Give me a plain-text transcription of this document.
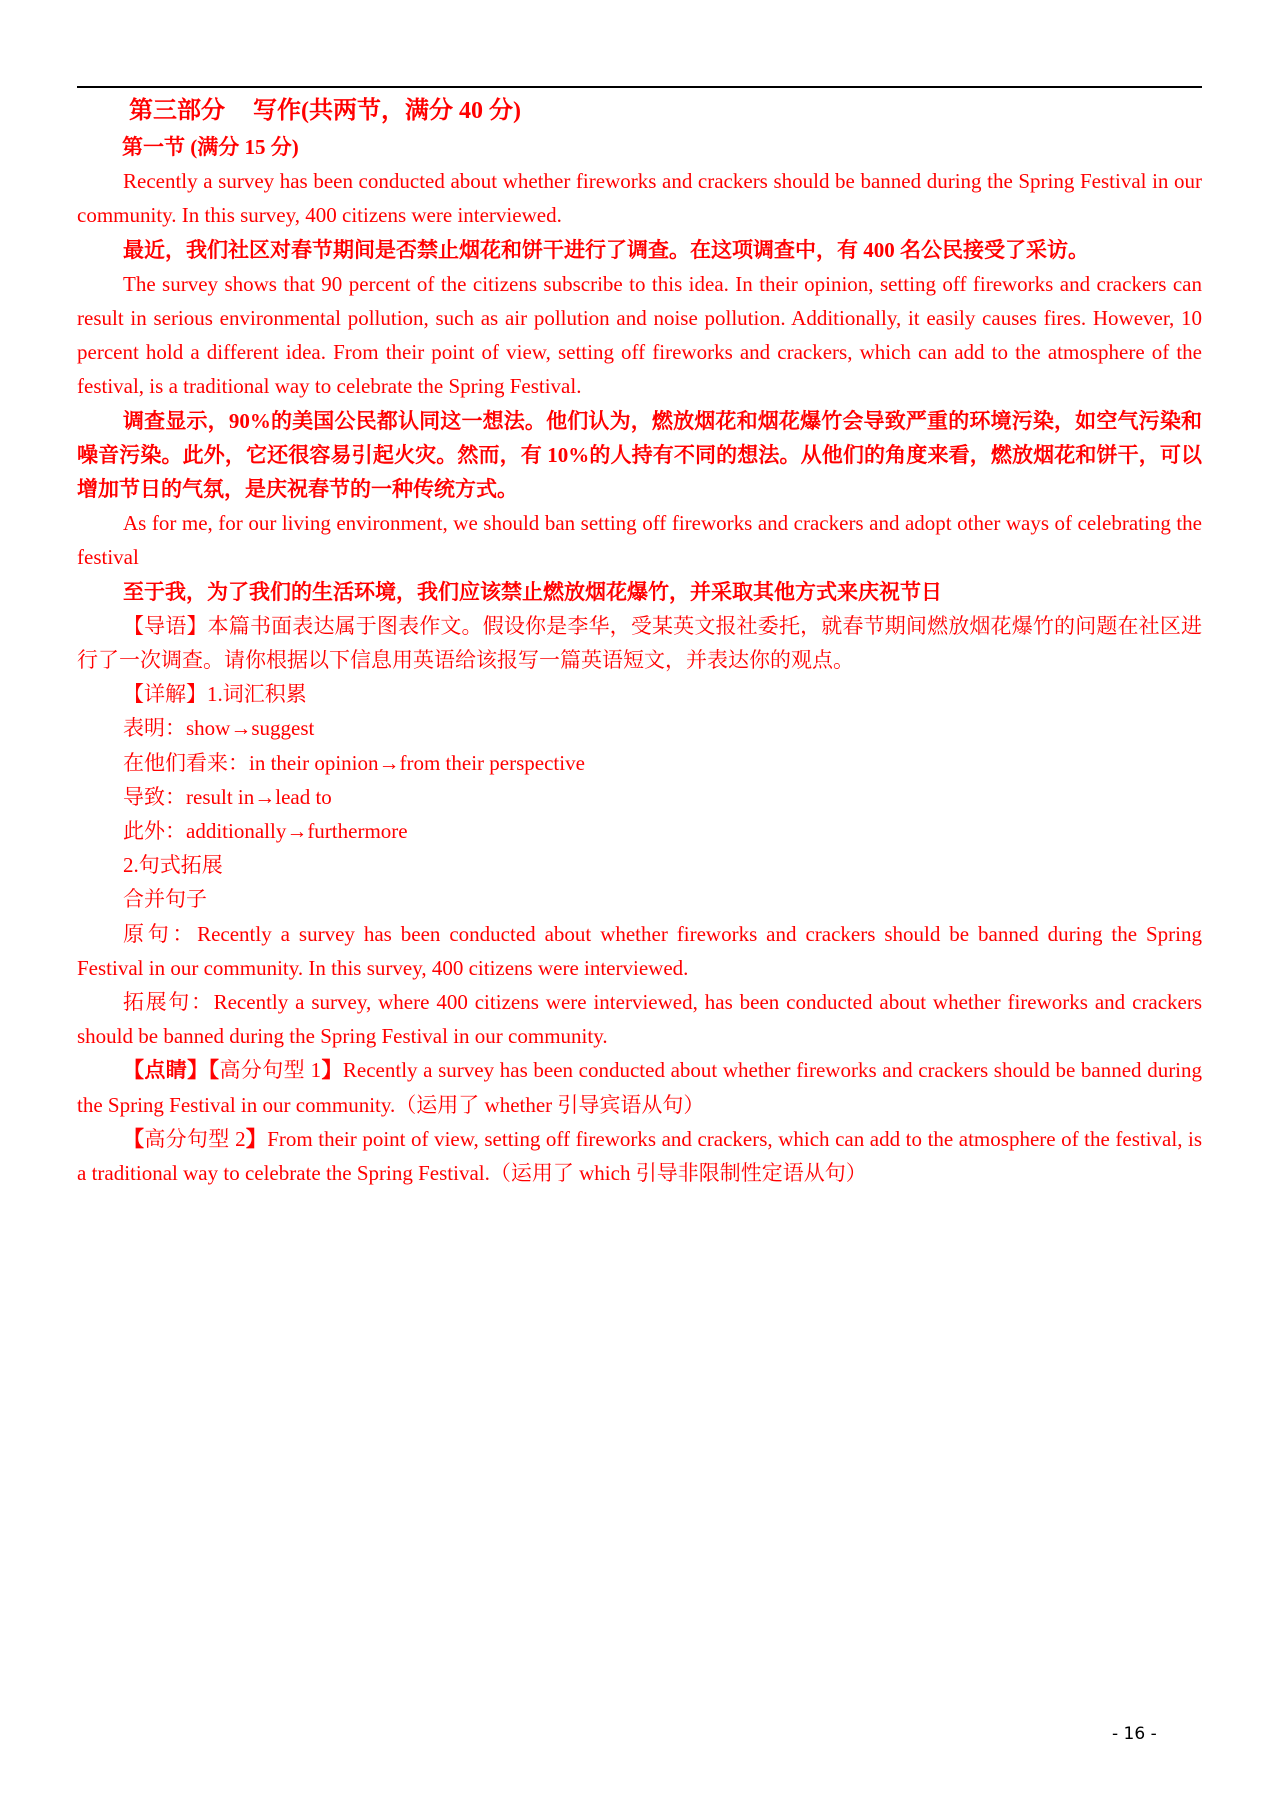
第三部分 写作(共两节，满分 40 分)

第一节 (满分 15 分)

Recently a survey has been conducted about whether fireworks and crackers should be banned during the Spring Festival in our community. In this survey, 400 citizens were interviewed.

最近，我们社区对春节期间是否禁止烟花和饼干进行了调查。在这项调查中，有 400 名公民接受了采访。

The survey shows that 90 percent of the citizens subscribe to this idea. In their opinion, setting off fireworks and crackers can result in serious environmental pollution, such as air pollution and noise pollution. Additionally, it easily causes fires. However, 10 percent hold a different idea. From their point of view, setting off fireworks and crackers, which can add to the atmosphere of the festival, is a traditional way to celebrate the Spring Festival.

调查显示，90%的美国公民都认同这一想法。他们认为，燃放烟花和烟花爆竹会导致严重的环境污染，如空气污染和噪音污染。此外，它还很容易引起火灾。然而，有 10%的人持有不同的想法。从他们的角度来看，燃放烟花和饼干，可以增加节日的气氛，是庆祝春节的一种传统方式。

As for me, for our living environment, we should ban setting off fireworks and crackers and adopt other ways of celebrating the festival

至于我，为了我们的生活环境，我们应该禁止燃放烟花爆竹，并采取其他方式来庆祝节日

【导语】本篇书面表达属于图表作文。假设你是李华，受某英文报社委托，就春节期间燃放烟花爆竹的问题在社区进行了一次调查。请你根据以下信息用英语给该报写一篇英语短文，并表达你的观点。

【详解】1.词汇积累

表明：show→suggest

在他们看来：in their opinion→from their perspective

导致：result in→lead to

此外：additionally→furthermore

2.句式拓展

合并句子

原句：Recently a survey has been conducted about whether fireworks and crackers should be banned during the Spring Festival in our community. In this survey, 400 citizens were interviewed.

拓展句：Recently a survey, where 400 citizens were interviewed, has been conducted about whether fireworks and crackers should be banned during the Spring Festival in our community.

【点睛】【高分句型 1】Recently a survey has been conducted about whether fireworks and crackers should be banned during the Spring Festival in our community.（运用了 whether 引导宾语从句）

【高分句型 2】From their point of view, setting off fireworks and crackers, which can add to the atmosphere of the festival, is a traditional way to celebrate the Spring Festival.（运用了 which 引导非限制性定语从句）

- 16 -
